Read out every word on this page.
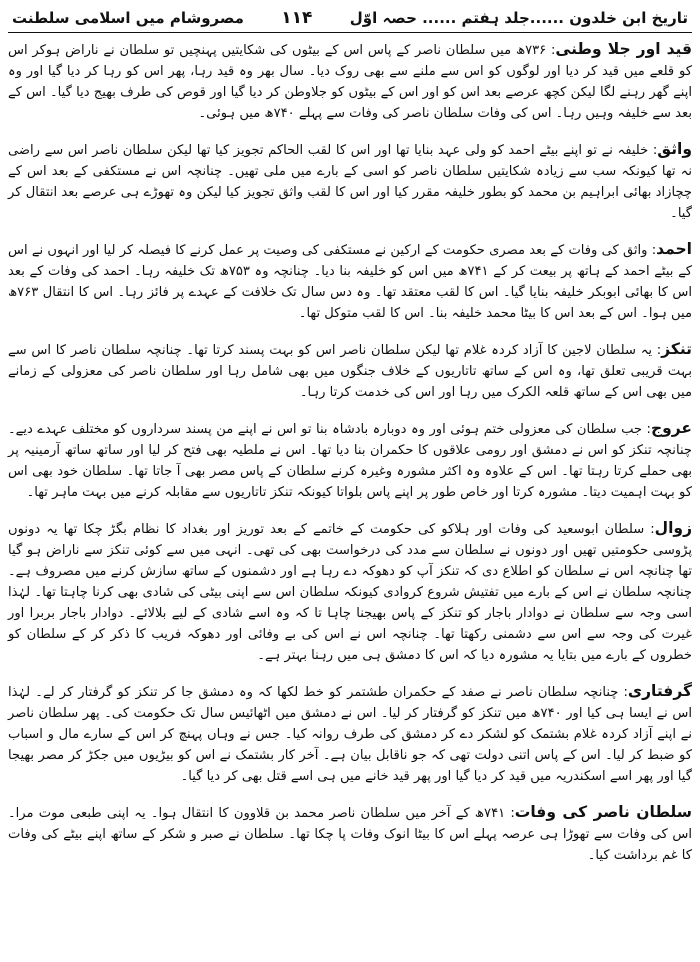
تاریخ ابن خلدون ......جلد ہفتم ...... حصہ اوّل
۱۱۴
مصروشام میں اسلامی سلطنت

قید اور جلا وطنی: ۷۳۶ھ میں سلطان ناصر کے پاس اس کے بیٹوں کی شکایتیں پہنچیں تو سلطان نے ناراض ہوکر اس کو قلعے میں قید کر دیا اور لوگوں کو اس سے ملنے سے بھی روک دیا۔ سال بھر وہ قید رہا، پھر اس کو رہا کر دیا گیا اور وہ اپنے گھر رہنے لگا لیکن کچھ عرصے بعد اس کو اور اس کے بیٹوں کو جلاوطن کر دیا گیا اور قوص کی طرف بھیج دیا گیا۔ اس کے بعد سے خلیفہ وہیں رہا۔ اس کی وفات سلطان ناصر کی وفات سے پہلے ۷۴۰ھ میں ہوئی۔

واثق: خلیفہ نے تو اپنے بیٹے احمد کو ولی عہد بنایا تھا اور اس کا لقب الحاکم تجویز کیا تھا لیکن سلطان ناصر اس سے راضی نہ تھا کیونکہ سب سے زیادہ شکایتیں سلطان ناصر کو اسی کے بارے میں ملی تھیں۔ چنانچہ اس نے مستکفی کے بعد اس کے چچازاد بھائی ابراہیم بن محمد کو بطور خلیفہ مقرر کیا اور اس کا لقب واثق تجویز کیا لیکن وہ تھوڑے ہی عرصے بعد انتقال کر گیا۔

احمد: واثق کی وفات کے بعد مصری حکومت کے ارکین نے مستکفی کی وصیت پر عمل کرنے کا فیصلہ کر لیا اور انہوں نے اس کے بیٹے احمد کے ہاتھ پر بیعت کر کے ۷۴۱ھ میں اس کو خلیفہ بنا دیا۔ چنانچہ وہ ۷۵۳ھ تک خلیفہ رہا۔ احمد کی وفات کے بعد اس کا بھائی ابوبکر خلیفہ بنایا گیا۔ اس کا لقب معتقد تھا۔ وہ دس سال تک خلافت کے عہدے پر فائز رہا۔ اس کا انتقال ۷۶۳ھ میں ہوا۔ اس کے بعد اس کا بیٹا محمد خلیفہ بنا۔ اس کا لقب متوکل تھا۔

تنکز: یہ سلطان لاجین کا آزاد کردہ غلام تھا لیکن سلطان ناصر اس کو بہت پسند کرتا تھا۔ چنانچہ سلطان ناصر کا اس سے بہت قریبی تعلق تھا، وہ اس کے ساتھ تاتاریوں کے خلاف جنگوں میں بھی شامل رہا اور سلطان ناصر کی معزولی کے زمانے میں بھی اس کے ساتھ قلعہ الکرک میں رہا اور اس کی خدمت کرتا رہا۔

عروج: جب سلطان کی معزولی ختم ہوئی اور وہ دوبارہ بادشاہ بنا تو اس نے اپنے من پسند سرداروں کو مختلف عہدے دیے۔ چنانچہ تنکز کو اس نے دمشق اور رومی علاقوں کا حکمران بنا دیا تھا۔ اس نے ملطیہ بھی فتح کر لیا اور ساتھ ساتھ آرمینیہ پر بھی حملے کرتا رہتا تھا۔ اس کے علاوہ وہ اکثر مشورہ وغیرہ کرنے سلطان کے پاس مصر بھی آ جاتا تھا۔ سلطان خود بھی اس کو بہت اہمیت دیتا۔ مشورہ کرتا اور خاص طور پر اپنے پاس بلواتا کیونکہ تنکز تاتاریوں سے مقابلہ کرنے میں بہت ماہر تھا۔

زوال: سلطان ابوسعید کی وفات اور ہلاکو کی حکومت کے خاتمے کے بعد توریز اور بغداد کا نظام بگڑ چکا تھا یہ دونوں پڑوسی حکومتیں تھیں اور دونوں نے سلطان سے مدد کی درخواست بھی کی تھی۔ انہی میں سے کوئی تنکز سے ناراض ہو گیا تھا چنانچہ اس نے سلطان کو اطلاع دی کہ تنکز آپ کو دھوکہ دے رہا ہے اور دشمنوں کے ساتھ سازش کرنے میں مصروف ہے۔ چنانچہ سلطان نے اس کے بارے میں تفتیش شروع کروادی کیونکہ سلطان اس سے اپنی بیٹی کی شادی بھی کرنا چاہتا تھا۔ لہٰذا اسی وجہ سے سلطان نے دوادار باجار کو تنکز کے پاس بھیجنا چاہا تا کہ وہ اسے شادی کے لیے بلالائے۔ دوادار باجار بربرا اور غیرت کی وجہ سے اس سے دشمنی رکھتا تھا۔ چنانچہ اس نے اس کی بے وفائی اور دھوکہ فریب کا ذکر کر کے سلطان کو خطروں کے بارے میں بتایا یہ مشورہ دیا کہ اس کا دمشق ہی میں رہنا بہتر ہے۔

گرفتاری: چنانچہ سلطان ناصر نے صفد کے حکمران طشتمر کو خط لکھا کہ وہ دمشق جا کر تنکز کو گرفتار کر لے۔ لہٰذا اس نے ایسا ہی کیا اور ۷۴۰ھ میں تنکز کو گرفتار کر لیا۔ اس نے دمشق میں اٹھائیس سال تک حکومت کی۔ پھر سلطان ناصر نے اپنے آزاد کردہ غلام بشتمک کو لشکر دے کر دمشق کی طرف روانہ کیا۔ جس نے وہاں پہنچ کر اس کے سارے مال و اسباب کو ضبط کر لیا۔ اس کے پاس اتنی دولت تھی کہ جو ناقابل بیان ہے۔ آخر کار بشتمک نے اس کو بیڑیوں میں جکڑ کر مصر بھیجا گیا اور پھر اسے اسکندریہ میں قید کر دیا گیا اور پھر قید خانے میں ہی اسے قتل بھی کر دیا گیا۔

سلطان ناصر کی وفات: ۷۴۱ھ کے آخر میں سلطان ناصر محمد بن قلاوون کا انتقال ہوا۔ یہ اپنی طبعی موت مرا۔ اس کی وفات سے تھوڑا ہی عرصہ پہلے اس کا بیٹا انوک وفات پا چکا تھا۔ سلطان نے صبر و شکر کے ساتھ اپنے بیٹے کی وفات کا غم برداشت کیا۔
